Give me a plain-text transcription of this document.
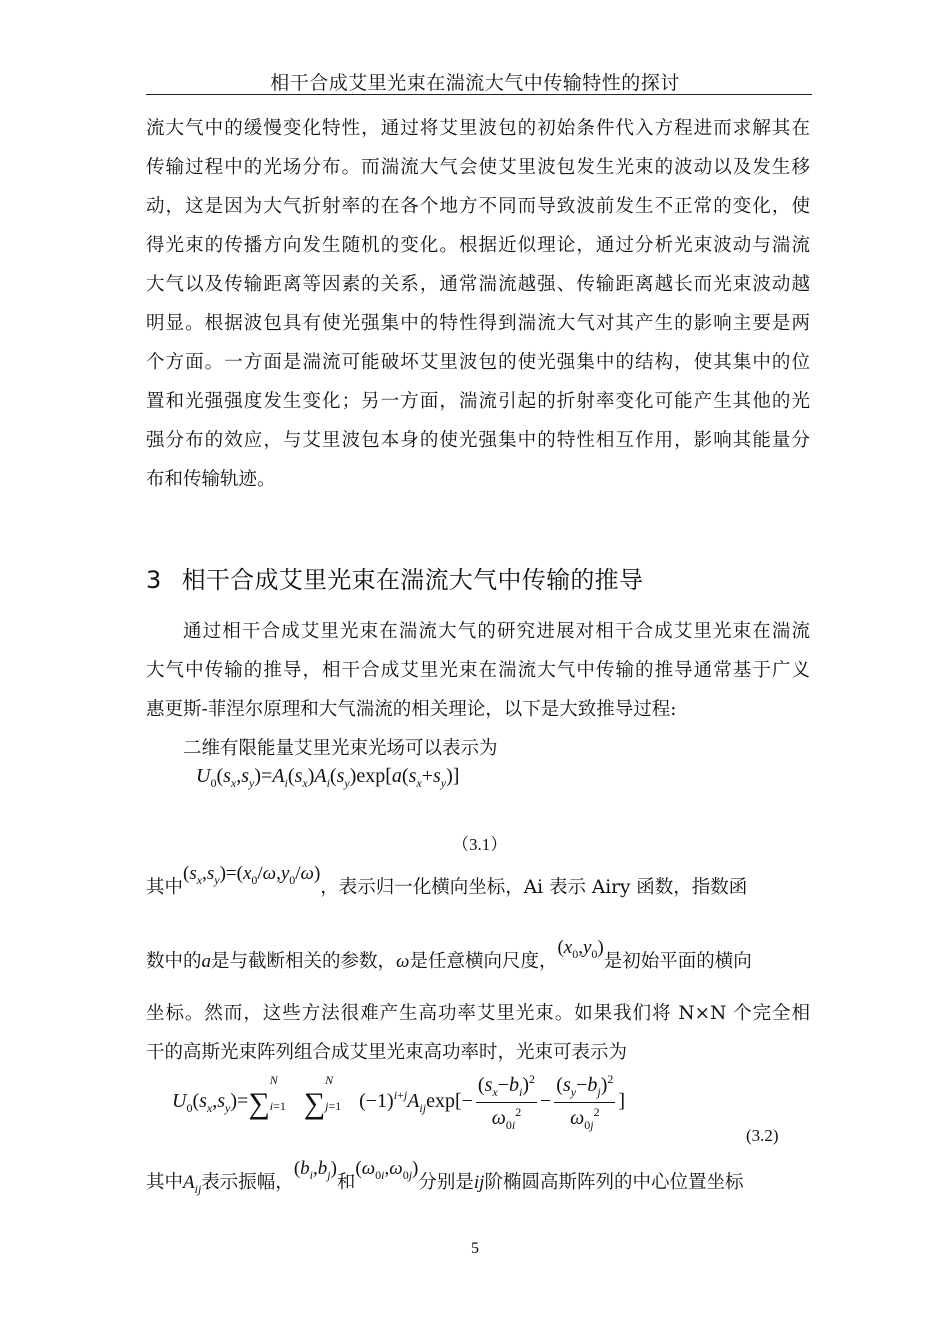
相干合成艾里光束在湍流大气中传输特性的探讨
流大气中的缓慢变化特性，通过将艾里波包的初始条件代入方程进而求解其在
传输过程中的光场分布。而湍流大气会使艾里波包发生光束的波动以及发生移
动，这是因为大气折射率的在各个地方不同而导致波前发生不正常的变化，使
得光束的传播方向发生随机的变化。根据近似理论，通过分析光束波动与湍流
大气以及传输距离等因素的关系，通常湍流越强、传输距离越长而光束波动越
明显。根据波包具有使光强集中的特性得到湍流大气对其产生的影响主要是两
个方面。一方面是湍流可能破坏艾里波包的使光强集中的结构，使其集中的位
置和光强强度发生变化；另一方面，湍流引起的折射率变化可能产生其他的光
强分布的效应，与艾里波包本身的使光强集中的特性相互作用，影响其能量分
布和传输轨迹。
3 相干合成艾里光束在湍流大气中传输的推导
通过相干合成艾里光束在湍流大气的研究进展对相干合成艾里光束在湍流
大气中传输的推导，相干合成艾里光束在湍流大气中传输的推导通常基于广义
惠更斯-菲涅尔原理和大气湍流的相关理论，以下是大致推导过程:
二维有限能量艾里光束光场可以表示为
$U_0(s_x,s_y)=A_i(s_x)A_i(s_y)\exp[a(s_x+s_y)]$
（3.1）
其中$(s_x,s_y)=(x_0/\omega,y_0/\omega)$，表示归一化横向坐标，Ai 表示 Airy 函数，指数函
数中的a是与截断相关的参数，ω是任意横向尺度，$(x_0,y_0)$是初始平面的横向
坐标。然而，这些方法很难产生高功率艾里光束。如果我们将 N×N 个完全相
干的高斯光束阵列组合成艾里光束高功率时，光束可表示为
$U_0(s_x,s_y)=\sum$
N
i=1 ∑
N
j=1 $(-1)^{i+j}A_{ij}\exp[- \frac{(s_x-b_i)^2}{\omega_{0i}^2} - \frac{(s_y-b_j)^2}{\omega_{0j}^2}$ ]
(3.2)
其中$A_{ij}$表示振幅，$(b_i,b_j)$和$(\omega_{0i},\omega_{0j})$分别是ij阶椭圆高斯阵列的中心位置坐标
5
